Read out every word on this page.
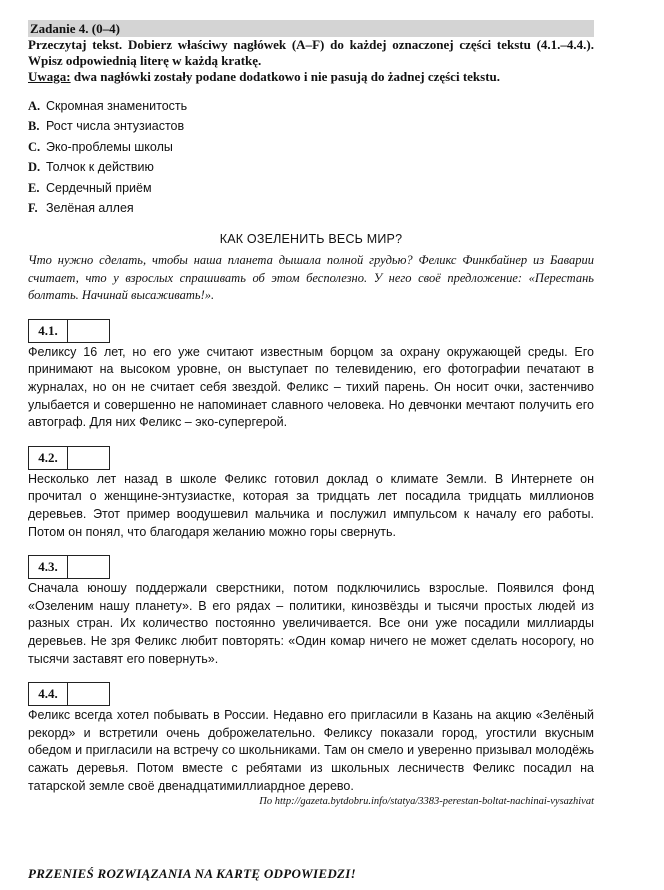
Zadanie 4. (0–4)
Przeczytaj tekst. Dobierz właściwy nagłówek (A–F) do każdej oznaczonej części tekstu (4.1.–4.4.). Wpisz odpowiednią literę w każdą kratkę.
Uwaga: dwa nagłówki zostały podane dodatkowo i nie pasują do żadnej części tekstu.
A. Скромная знаменитость
B. Рост числа энтузиастов
C. Эко-проблемы школы
D. Толчок к действию
E. Сердечный приём
F. Зелёная аллея
КАК ОЗЕЛЕНИТЬ ВЕСЬ МИР?
Что нужно сделать, чтобы наша планета дышала полной грудью? Феликс Финкбайнер из Баварии считает, что у взрослых спрашивать об этом бесполезно. У него своё предложение: «Перестань болтать. Начинай высаживать!».
4.1.
Феликсу 16 лет, но его уже считают известным борцом за охрану окружающей среды. Его принимают на высоком уровне, он выступает по телевидению, его фотографии печатают в журналах, но он не считает себя звездой. Феликс – тихий парень. Он носит очки, застенчиво улыбается и совершенно не напоминает славного человека. Но девчонки мечтают получить его автограф. Для них Феликс – эко-супергерой.
4.2.
Несколько лет назад в школе Феликс готовил доклад о климате Земли. В Интернете он прочитал о женщине-энтузиастке, которая за тридцать лет посадила тридцать миллионов деревьев. Этот пример воодушевил мальчика и послужил импульсом к началу его работы. Потом он понял, что благодаря желанию можно горы свернуть.
4.3.
Сначала юношу поддержали сверстники, потом подключились взрослые. Появился фонд «Озеленим нашу планету». В его рядах – политики, кинозвёзды и тысячи простых людей из разных стран. Их количество постоянно увеличивается. Все они уже посадили миллиарды деревьев. Не зря Феликс любит повторять: «Один комар ничего не может сделать носорогу, но тысячи заставят его повернуть».
4.4.
Феликс всегда хотел побывать в России. Недавно его пригласили в Казань на акцию «Зелёный рекорд» и встретили очень доброжелательно. Феликсу показали город, угостили вкусным обедом и пригласили на встречу со школьниками. Там он смело и уверенно призывал молодёжь сажать деревья. Потом вместе с ребятами из школьных лесничеств Феликс посадил на татарской земле своё двенадцатимиллиардное дерево.
По http://gazeta.bytdobru.info/statya/3383-perestan-boltat-nachinai-vysazhivat
PRZENIEŚ ROZWIĄZANIA NA KARTĘ ODPOWIEDZI!
